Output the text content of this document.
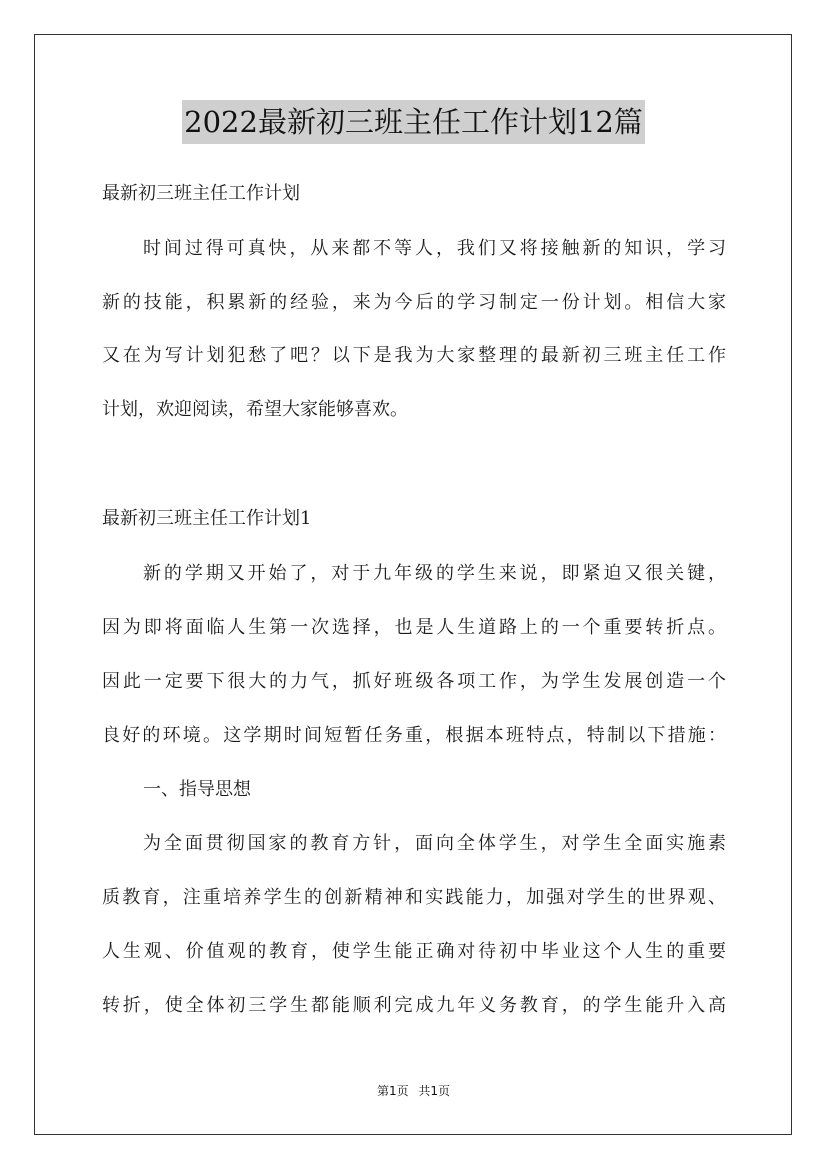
2022最新初三班主任工作计划12篇
最新初三班主任工作计划
时间过得可真快，从来都不等人，我们又将接触新的知识，学习
新的技能，积累新的经验，来为今后的学习制定一份计划。相信大家
又在为写计划犯愁了吧？以下是我为大家整理的最新初三班主任工作
计划，欢迎阅读，希望大家能够喜欢。
最新初三班主任工作计划1
新的学期又开始了，对于九年级的学生来说，即紧迫又很关键，
因为即将面临人生第一次选择，也是人生道路上的一个重要转折点。
因此一定要下很大的力气，抓好班级各项工作，为学生发展创造一个
良好的环境。这学期时间短暂任务重，根据本班特点，特制以下措施：
一、指导思想
为全面贯彻国家的教育方针，面向全体学生，对学生全面实施素
质教育，注重培养学生的创新精神和实践能力，加强对学生的世界观、
人生观、价值观的教育，使学生能正确对待初中毕业这个人生的重要
转折，使全体初三学生都能顺利完成九年义务教育，的学生能升入高
第1页 共1页
